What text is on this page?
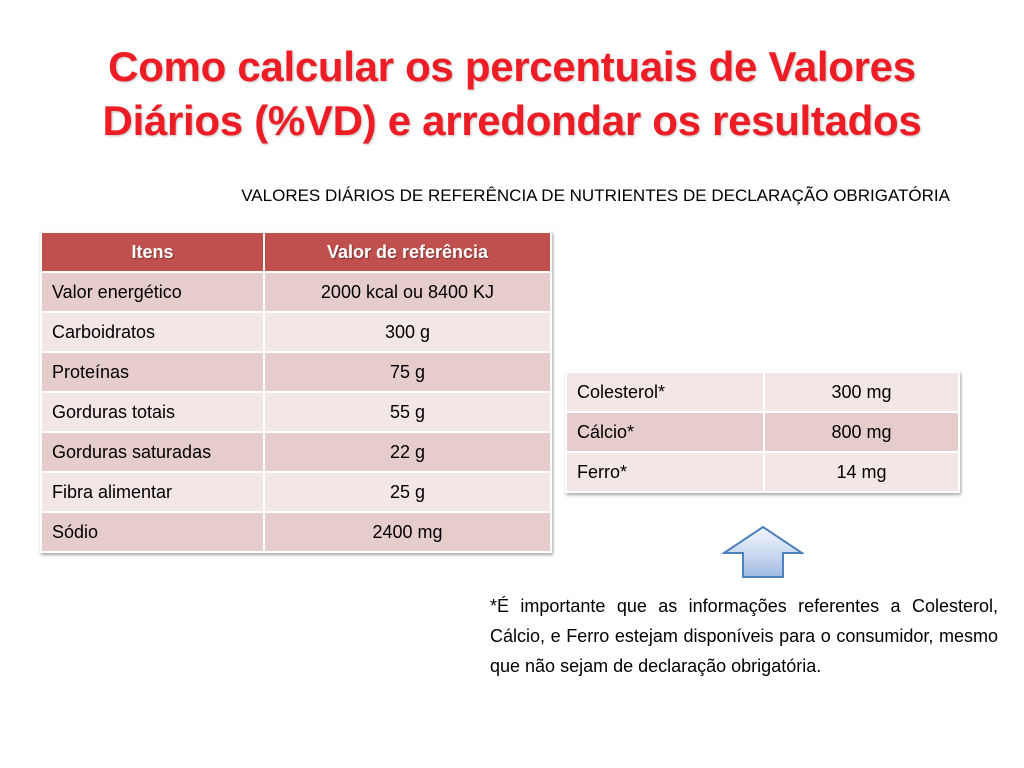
Como calcular os percentuais de Valores
Diários (%VD) e arredondar os resultados
VALORES DIÁRIOS DE REFERÊNCIA DE NUTRIENTES DE DECLARAÇÃO OBRIGATÓRIA
Itens	Valor de referência
Valor energético	2000 kcal ou 8400 KJ
Carboidratos	300 g
Proteínas	75 g
Gorduras totais	55 g
Gorduras saturadas	22 g
Fibra alimentar	25 g
Sódio	2400 mg
Colesterol*	300 mg
Cálcio*	800 mg
Ferro*	14 mg
*É importante que as informações referentes a Colesterol, Cálcio, e Ferro estejam disponíveis para o consumidor, mesmo que não sejam de declaração obrigatória.
